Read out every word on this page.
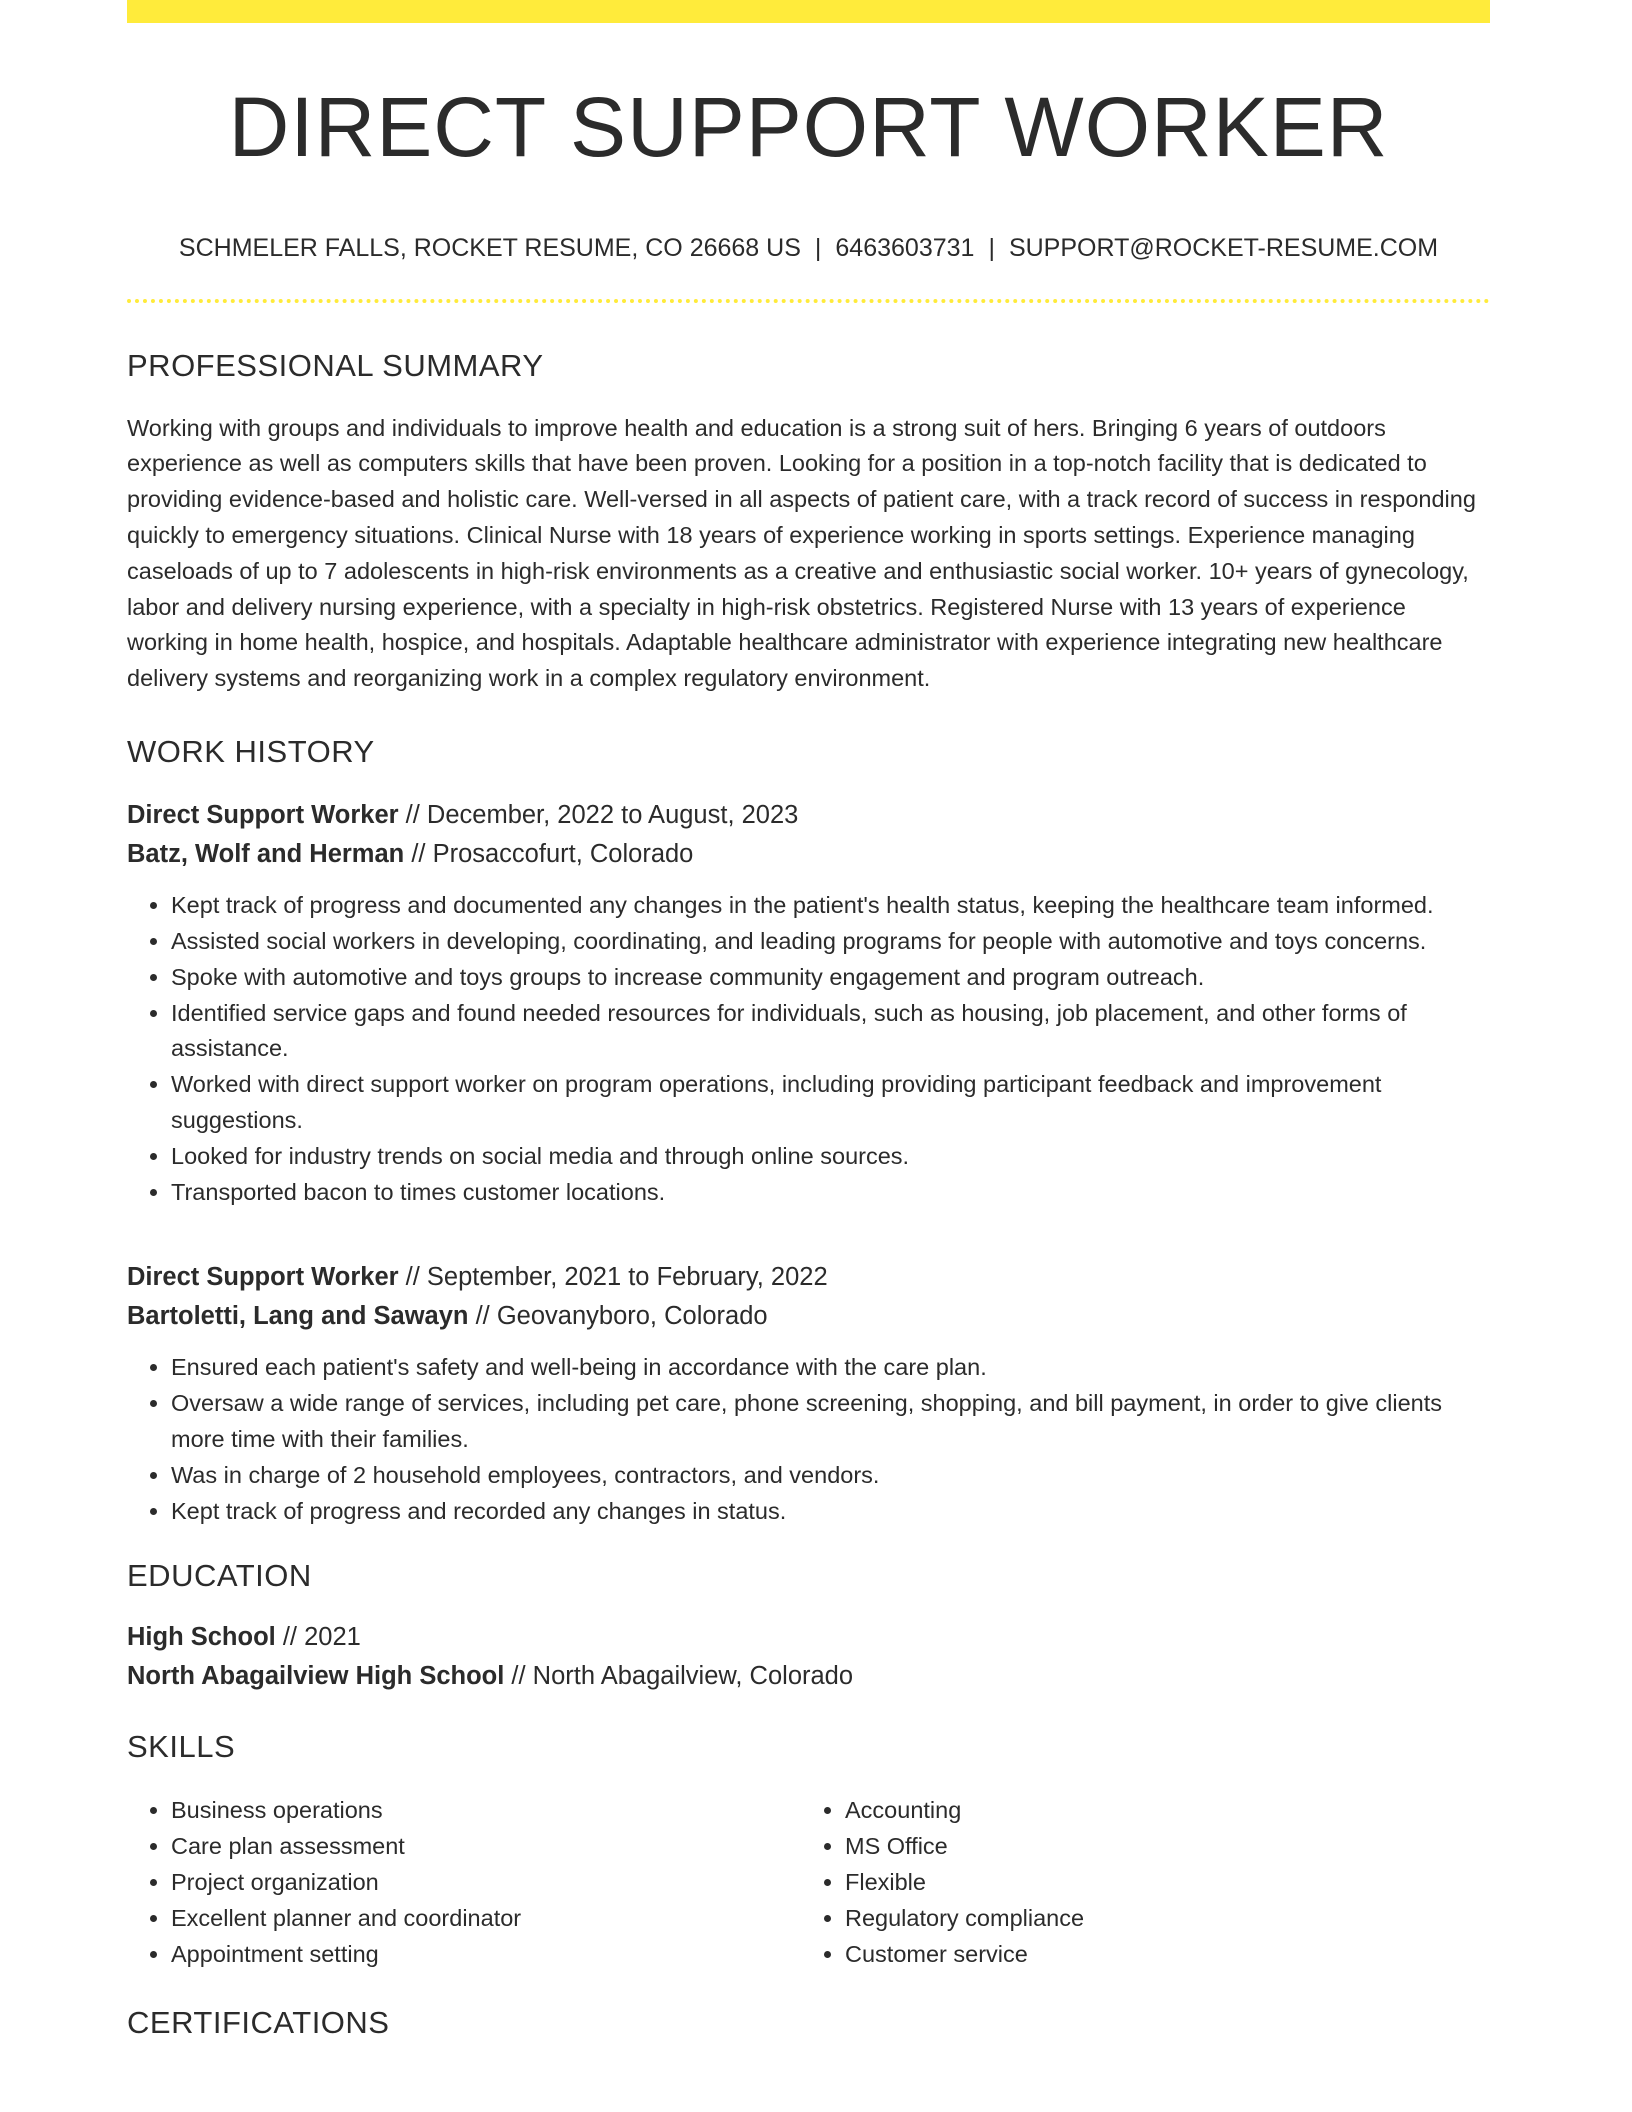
DIRECT SUPPORT WORKER
SCHMELER FALLS, ROCKET RESUME, CO 26668 US | 6463603731 | SUPPORT@ROCKET-RESUME.COM
PROFESSIONAL SUMMARY
Working with groups and individuals to improve health and education is a strong suit of hers. Bringing 6 years of outdoors experience as well as computers skills that have been proven. Looking for a position in a top-notch facility that is dedicated to providing evidence-based and holistic care. Well-versed in all aspects of patient care, with a track record of success in responding quickly to emergency situations. Clinical Nurse with 18 years of experience working in sports settings. Experience managing caseloads of up to 7 adolescents in high-risk environments as a creative and enthusiastic social worker. 10+ years of gynecology, labor and delivery nursing experience, with a specialty in high-risk obstetrics. Registered Nurse with 13 years of experience working in home health, hospice, and hospitals. Adaptable healthcare administrator with experience integrating new healthcare delivery systems and reorganizing work in a complex regulatory environment.
WORK HISTORY
Direct Support Worker // December, 2022 to August, 2023
Batz, Wolf and Herman // Prosaccofurt, Colorado
• Kept track of progress and documented any changes in the patient's health status, keeping the healthcare team informed.
• Assisted social workers in developing, coordinating, and leading programs for people with automotive and toys concerns.
• Spoke with automotive and toys groups to increase community engagement and program outreach.
• Identified service gaps and found needed resources for individuals, such as housing, job placement, and other forms of assistance.
• Worked with direct support worker on program operations, including providing participant feedback and improvement suggestions.
• Looked for industry trends on social media and through online sources.
• Transported bacon to times customer locations.
Direct Support Worker // September, 2021 to February, 2022
Bartoletti, Lang and Sawayn // Geovanyboro, Colorado
• Ensured each patient's safety and well-being in accordance with the care plan.
• Oversaw a wide range of services, including pet care, phone screening, shopping, and bill payment, in order to give clients more time with their families.
• Was in charge of 2 household employees, contractors, and vendors.
• Kept track of progress and recorded any changes in status.
EDUCATION
High School // 2021
North Abagailview High School // North Abagailview, Colorado
SKILLS
• Business operations
• Care plan assessment
• Project organization
• Excellent planner and coordinator
• Appointment setting
• Accounting
• MS Office
• Flexible
• Regulatory compliance
• Customer service
CERTIFICATIONS
